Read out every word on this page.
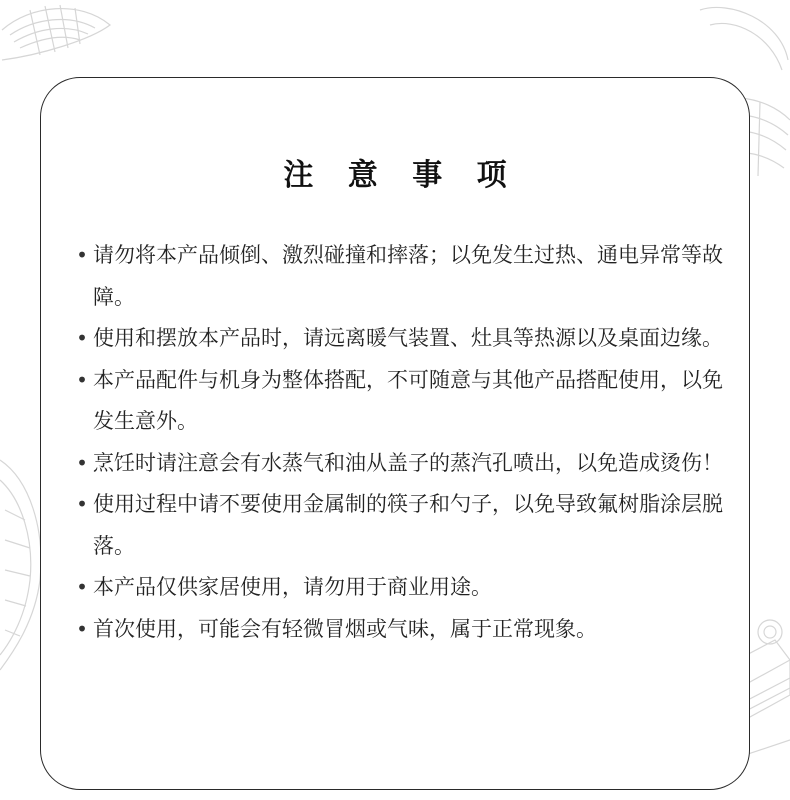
注 意 事 项
• 请勿将本产品倾倒、激烈碰撞和摔落；以免发生过热、通电异常等故障。
• 使用和摆放本产品时，请远离暖气装置、灶具等热源以及桌面边缘。
• 本产品配件与机身为整体搭配，不可随意与其他产品搭配使用，以免发生意外。
• 烹饪时请注意会有水蒸气和油从盖子的蒸汽孔喷出，以免造成烫伤！
• 使用过程中请不要使用金属制的筷子和勺子，以免导致氟树脂涂层脱落。
• 本产品仅供家居使用，请勿用于商业用途。
• 首次使用，可能会有轻微冒烟或气味，属于正常现象。
